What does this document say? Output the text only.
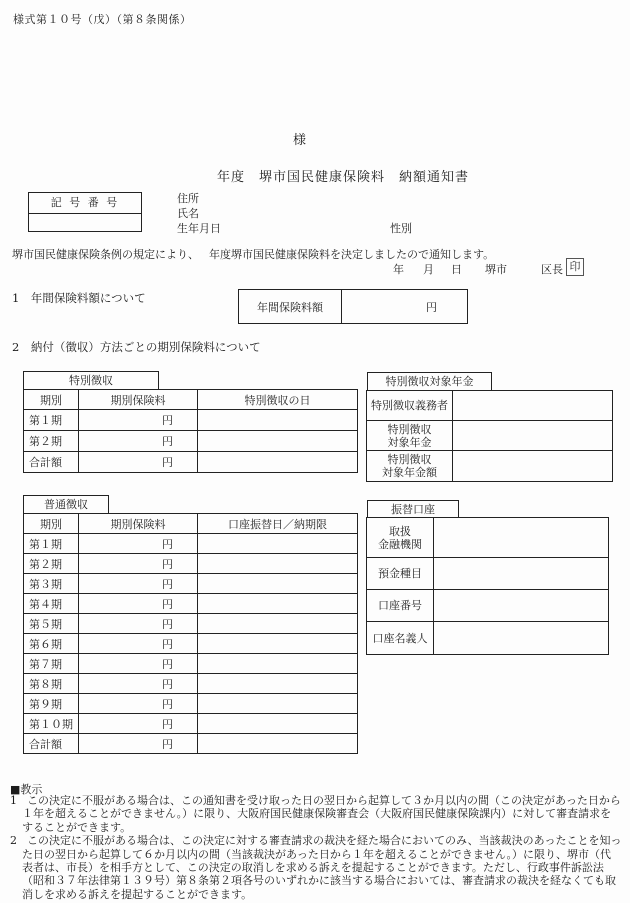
様式第１０号（戊）（第８条関係）
様
年度　堺市国民健康保険料　納額通知書
記 号 番 号	住所
氏名
生年月日	性別
堺市国民健康保険条例の規定により、 年度堺市国民健康保険料を決定しましたので通知します。
年 月 日 堺市	区長 印
1　年間保険料額について
年間保険料額	円
2　納付（徴収）方法ごとの期別保険料について
特別徴収
期別	期別保険料	特別徴収の日
第１期	円	
第２期	円	
合計額	円	
特別徴収対象年金
特別徴収義務者	

特別徴収
対象年金	

特別徴収
対象年金額	

普通徴収
期別	期別保険料	口座振替日／納期限
第１期	円	
第２期	円	
第３期	円	
第４期	円	
第５期	円	
第６期	円	
第７期	円	
第８期	円	
第９期	円	
第１０期	円	
合計額	円	
振替口座
取扱
金融機関	

預金種目	

口座番号	

口座名義人	

■教示
1 この決定に不服がある場合は、この通知書を受け取った日の翌日から起算して３か月以内の間（この決定があった日から１年を超えることができません。）に限り、大阪府国民健康保険審査会（大阪府国民健康保険課内）に対して審査請求をすることができます。
2 この決定に不服がある場合は、この決定に対する審査請求の裁決を経た場合においてのみ、当該裁決のあったことを知った日の翌日から起算して６か月以内の間（当該裁決があった日から１年を超えることができません。）に限り、堺市（代表者は、市長）を相手方として、この決定の取消しを求める訴えを提起することができます。ただし、行政事件訴訟法（昭和３７年法律第１３９号）第８条第２項各号のいずれかに該当する場合においては、審査請求の裁決を経なくても取消しを求める訴えを提起することができます。
